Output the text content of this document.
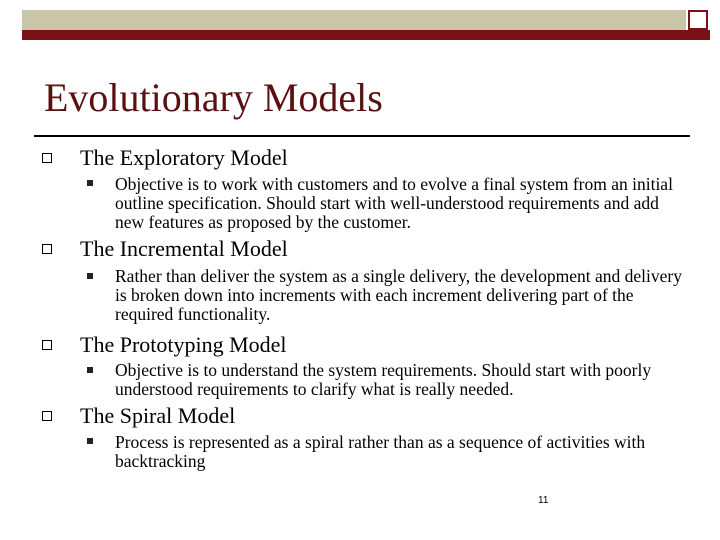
Evolutionary Models
The Exploratory Model
Objective is to work with customers and to evolve a final system from an initial outline specification. Should start with well-understood requirements and add new features as proposed by the customer.
The Incremental Model
Rather than deliver the system as a single delivery, the development and delivery is broken down into increments with each increment delivering part of the required functionality.
The Prototyping Model
Objective is to understand the system requirements. Should start with poorly understood requirements to clarify what is really needed.
The Spiral Model
Process is represented as a spiral rather than as a sequence of activities with backtracking
11
